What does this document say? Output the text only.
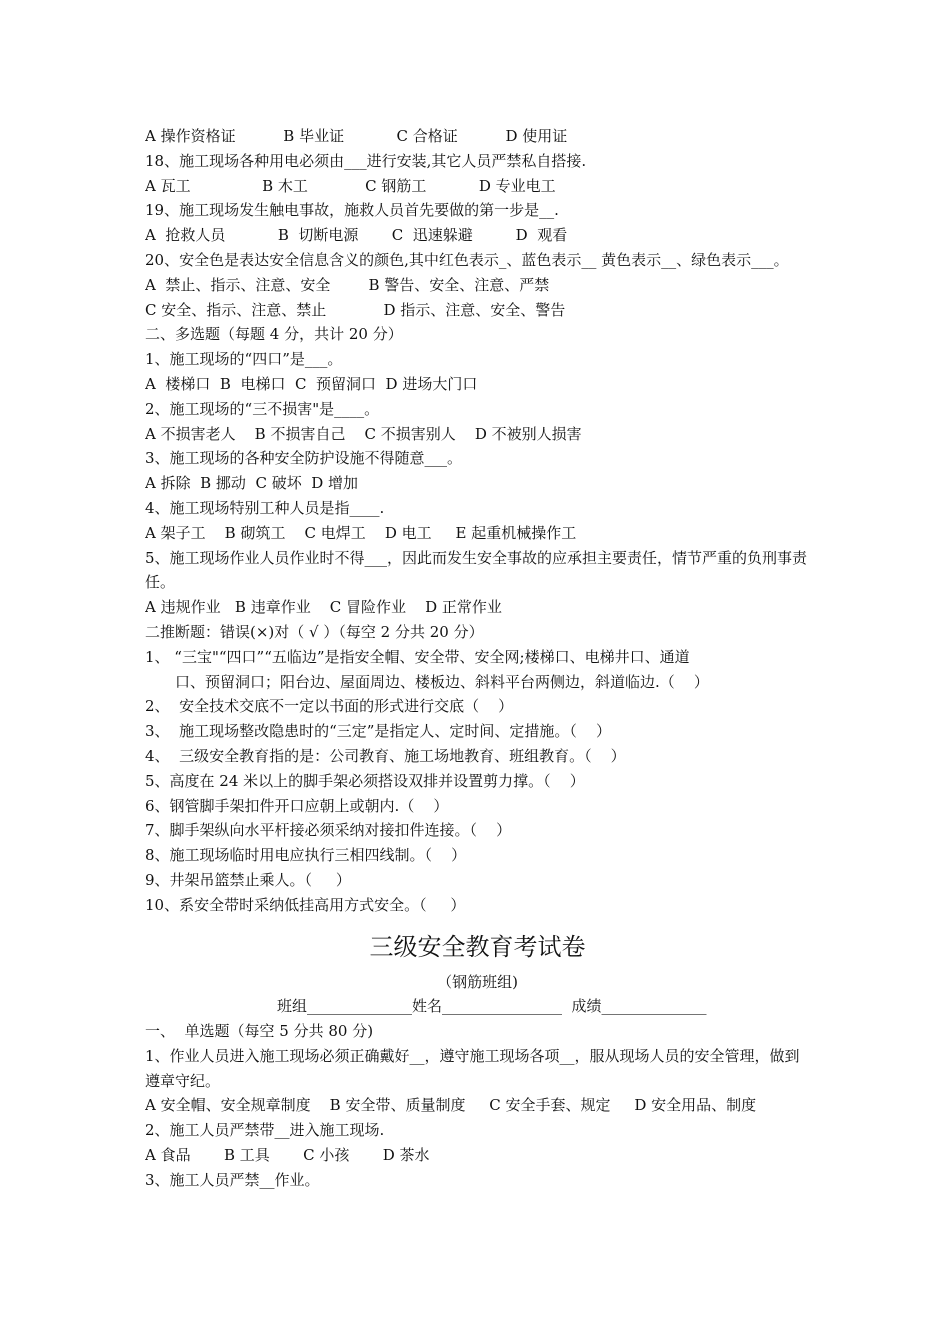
A 操作资格证          B 毕业证           C 合格证          D 使用证
18、施工现场各种用电必须由___进行安装,其它人员严禁私自搭接.
A 瓦工               B 木工            C 钢筋工           D 专业电工
19、施工现场发生触电事故，施救人员首先要做的第一步是__.
A  抢救人员           B  切断电源       C  迅速躲避         D  观看
20、安全色是表达安全信息含义的颜色,其中红色表示_、蓝色表示__ 黄色表示__、绿色表示___。
A  禁止、指示、注意、安全        B 警告、安全、注意、严禁
C 安全、指示、注意、禁止            D 指示、注意、安全、警告
二、多选题（每题 4 分，共计 20 分）
1、施工现场的“四口”是___。
A  楼梯口  B  电梯口  C  预留洞口  D 进场大门口
2、施工现场的“三不损害"是____。
A 不损害老人    B 不损害自己    C 不损害别人    D 不被别人损害
3、施工现场的各种安全防护设施不得随意___。
A 拆除  B 挪动  C 破坏  D 增加
4、施工现场特别工种人员是指____.
A 架子工    B 砌筑工    C 电焊工    D 电工     E 起重机械操作工
5、施工现场作业人员作业时不得___，因此而发生安全事故的应承担主要责任，情节严重的负刑事责任。
A 违规作业   B 违章作业    C 冒险作业    D 正常作业
二推断题：错误(×)对（ √ ）（每空 2 分共 20 分）
1、 “三宝"“四口”“五临边”是指安全帽、安全带、安全网;楼梯口、电梯井口、通道
口、预留洞口；阳台边、屋面周边、楼板边、斜料平台两侧边，斜道临边.（    ）
2、  安全技术交底不一定以书面的形式进行交底（    ）
3、  施工现场整改隐患时的“三定”是指定人、定时间、定措施。（    ）
4、  三级安全教育指的是：公司教育、施工场地教育、班组教育。（    ）
5、高度在 24 米以上的脚手架必须搭设双排并设置剪力撑。（    ）
6、钢管脚手架扣件开口应朝上或朝内.（    ）
7、脚手架纵向水平杆接必须采纳对接扣件连接。（    ）
8、施工现场临时用电应执行三相四线制。（    ）
9、井架吊篮禁止乘人。（     ）
10、系安全带时采纳低挂高用方式安全。（     ）
三级安全教育考试卷
（钢筋班组)
班组______________姓名________________  成绩______________
一、  单选题（每空 5 分共 80 分)
1、作业人员进入施工现场必须正确戴好__，遵守施工现场各项__，服从现场人员的安全管理，做到遵章守纪。
A 安全帽、安全规章制度    B 安全带、质量制度     C 安全手套、规定     D 安全用品、制度
2、施工人员严禁带__进入施工现场.
A 食品       B 工具       C 小孩       D 茶水
3、施工人员严禁__作业。
